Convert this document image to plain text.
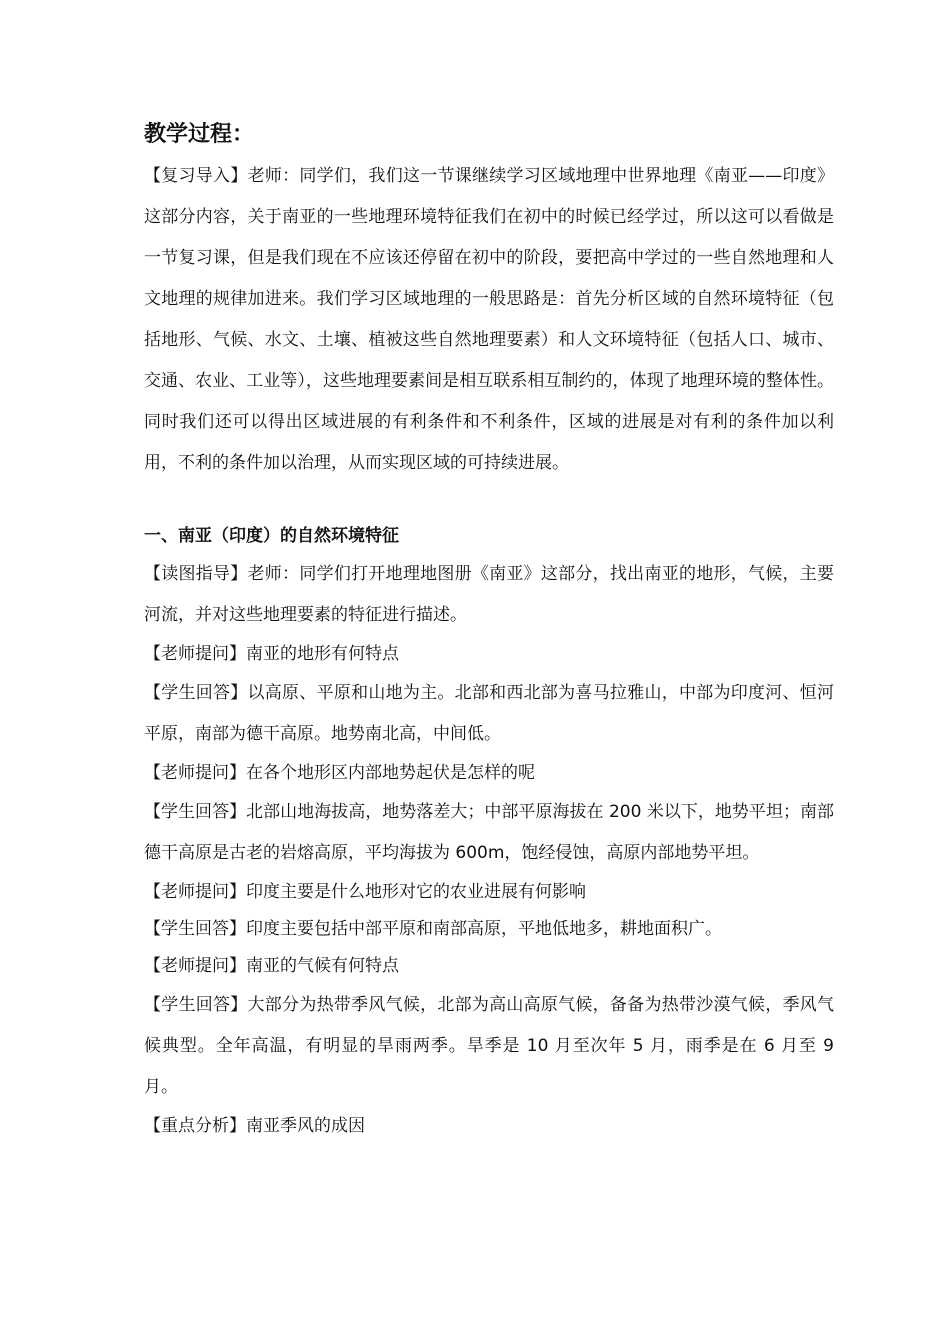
教学过程：

【复习导入】老师：同学们，我们这一节课继续学习区域地理中世界地理《南亚——印度》这部分内容，关于南亚的一些地理环境特征我们在初中的时候已经学过，所以这可以看做是一节复习课，但是我们现在不应该还停留在初中的阶段，要把高中学过的一些自然地理和人文地理的规律加进来。我们学习区域地理的一般思路是：首先分析区域的自然环境特征（包括地形、气候、水文、土壤、植被这些自然地理要素）和人文环境特征（包括人口、城市、交通、农业、工业等），这些地理要素间是相互联系相互制约的，体现了地理环境的整体性。同时我们还可以得出区域进展的有利条件和不利条件，区域的进展是对有利的条件加以利用，不利的条件加以治理，从而实现区域的可持续进展。

一、南亚（印度）的自然环境特征

【读图指导】老师：同学们打开地理地图册《南亚》这部分，找出南亚的地形，气候，主要河流，并对这些地理要素的特征进行描述。

【老师提问】南亚的地形有何特点

【学生回答】以高原、平原和山地为主。北部和西北部为喜马拉雅山，中部为印度河、恒河平原，南部为德干高原。地势南北高，中间低。

【老师提问】在各个地形区内部地势起伏是怎样的呢

【学生回答】北部山地海拔高，地势落差大；中部平原海拔在 200 米以下，地势平坦；南部德干高原是古老的岩熔高原，平均海拔为 600m，饱经侵蚀，高原内部地势平坦。

【老师提问】印度主要是什么地形对它的农业进展有何影响

【学生回答】印度主要包括中部平原和南部高原，平地低地多，耕地面积广。

【老师提问】南亚的气候有何特点

【学生回答】大部分为热带季风气候，北部为高山高原气候，备备为热带沙漠气候，季风气候典型。全年高温，有明显的旱雨两季。旱季是 10 月至次年 5 月，雨季是在 6 月至 9 月。

【重点分析】南亚季风的成因
